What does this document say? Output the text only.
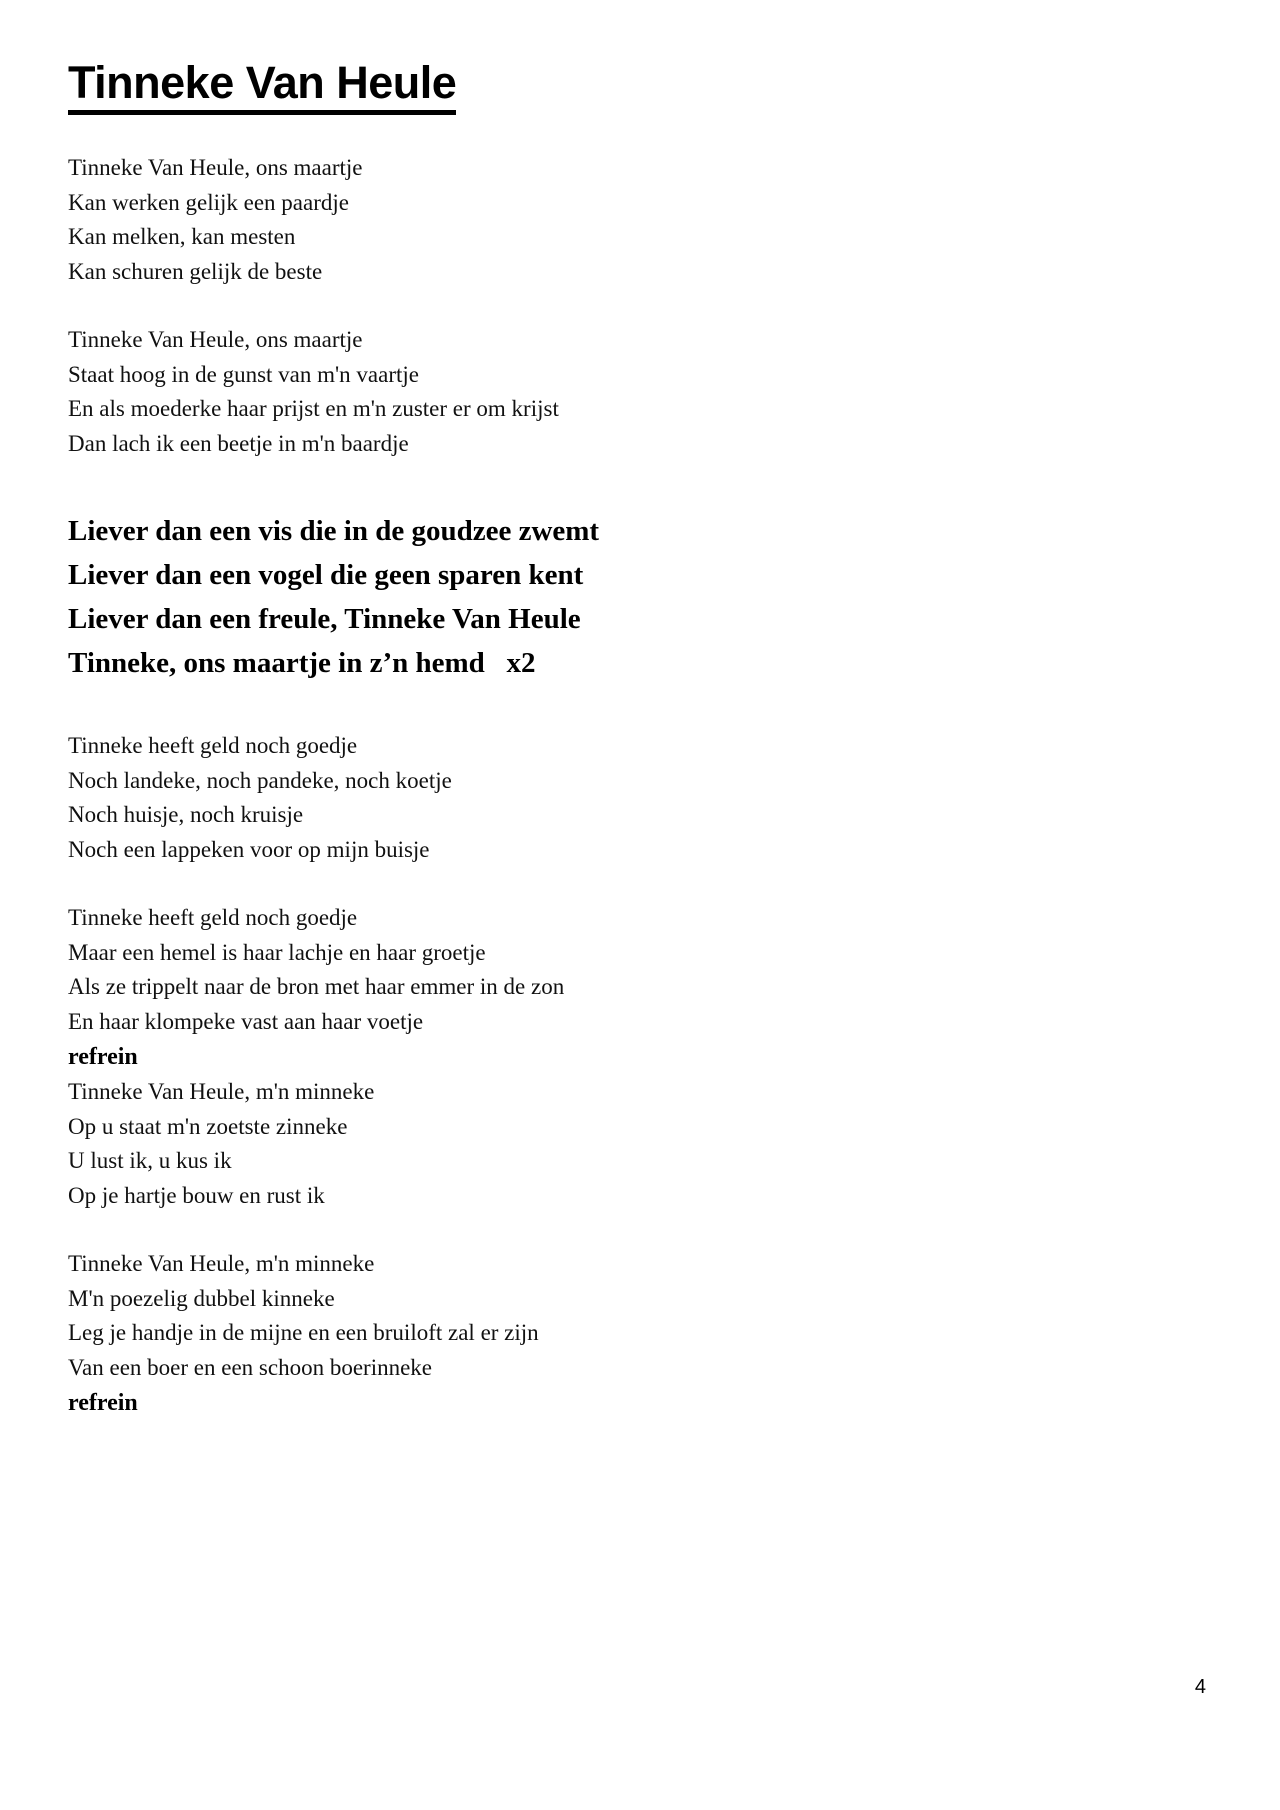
Tinneke Van Heule
Tinneke Van Heule, ons maartje
Kan werken gelijk een paardje
Kan melken, kan mesten
Kan schuren gelijk de beste
Tinneke Van Heule, ons maartje
Staat hoog in de gunst van m'n vaartje
En als moederke haar prijst en m'n zuster er om krijst
Dan lach ik een beetje in m'n baardje
Liever dan een vis die in de goudzee zwemt
Liever dan een vogel die geen sparen kent
Liever dan een freule, Tinneke Van Heule
Tinneke, ons maartje in z’n hemd   x2
Tinneke heeft geld noch goedje
Noch landeke, noch pandeke, noch koetje
Noch huisje, noch kruisje
Noch een lappeken voor op mijn buisje
Tinneke heeft geld noch goedje
Maar een hemel is haar lachje en haar groetje
Als ze trippelt naar de bron met haar emmer in de zon
En haar klompeke vast aan haar voetje
refrein
Tinneke Van Heule, m'n minneke
Op u staat m'n zoetste zinneke
U lust ik, u kus ik
Op je hartje bouw en rust ik
Tinneke Van Heule, m'n minneke
M'n poezelig dubbel kinneke
Leg je handje in de mijne en een bruiloft zal er zijn
Van een boer en een schoon boerinneke
refrein
4
